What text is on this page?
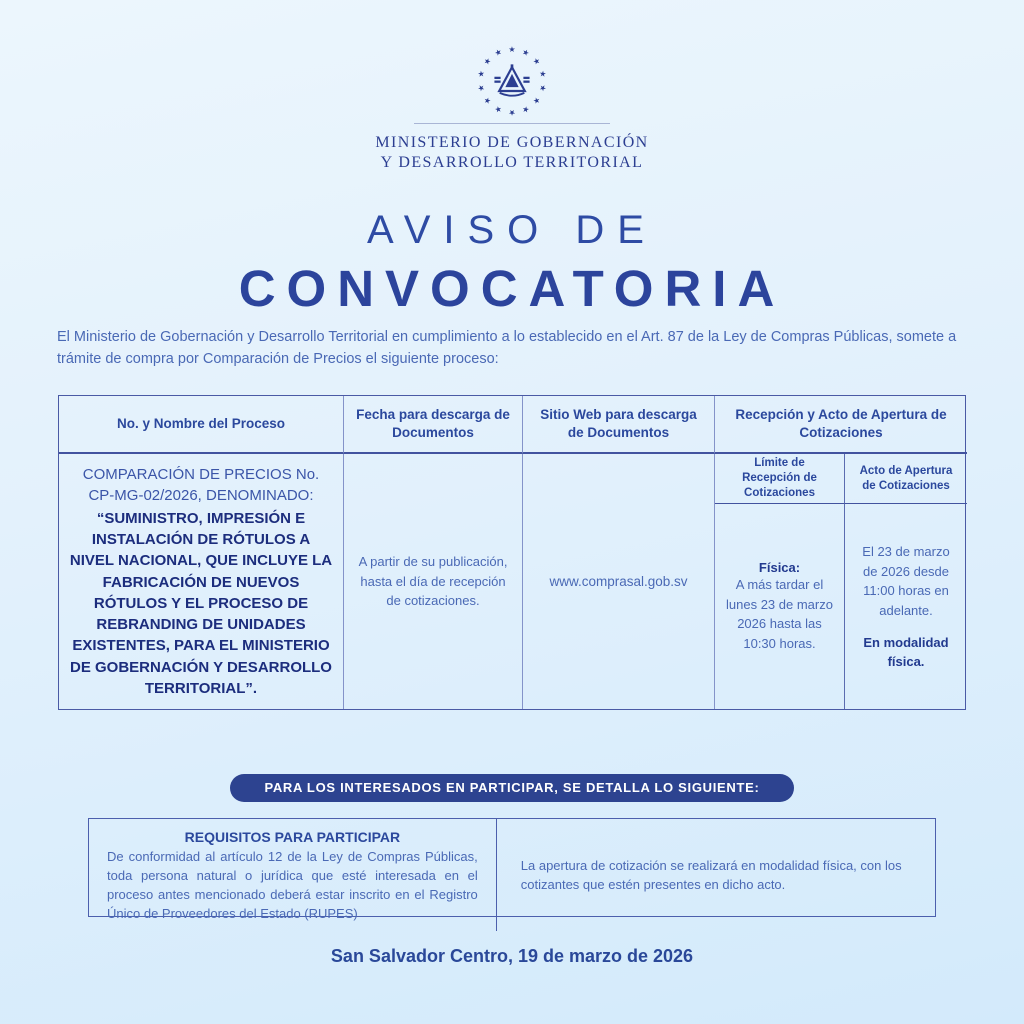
★ ★
★
★
★
★
★
★
★
★
★
★
★
★
MINISTERIO DE GOBERNACIÓN
Y DESARROLLO TERRITORIAL
AVISO DE
CONVOCATORIA

El Ministerio de Gobernación y Desarrollo Territorial en cumplimiento a lo establecido en el Art. 87 de la Ley de Compras Públicas, somete a trámite de compra por Comparación de Precios el siguiente proceso:

No. y Nombre del Proceso
Fecha para descarga de Documentos
Sitio Web para descarga de Documentos
Recepción y Acto de Apertura de Cotizaciones
Límite de Recepción de Cotizaciones
Acto de Apertura de Cotizaciones
COMPARACIÓN DE PRECIOS No. CP-MG-02/2026, DENOMINADO:
“SUMINISTRO, IMPRESIÓN E INSTALACIÓN DE RÓTULOS A NIVEL NACIONAL, QUE INCLUYE LA FABRICACIÓN DE NUEVOS RÓTULOS Y EL PROCESO DE REBRANDING DE UNIDADES EXISTENTES, PARA EL MINISTERIO DE GOBERNACIÓN Y DESARROLLO TERRITORIAL”.
A partir de su publicación, hasta el día de recepción de cotizaciones.
www.comprasal.gob.sv
Física:
A más tardar el lunes 23 de marzo 2026 hasta las 10:30 horas.
El 23 de marzo de 2026 desde 11:00 horas en adelante.
En modalidad física.
PARA LOS INTERESADOS EN PARTICIPAR, SE DETALLA LO SIGUIENTE:
REQUISITOS PARA PARTICIPAR
De conformidad al artículo 12 de la Ley de Compras Públicas, toda persona natural o jurídica que esté interesada en el proceso antes mencionado deberá estar inscrito en el Registro Único de Proveedores del Estado (RUPES)
La apertura de cotización se realizará en modalidad física, con los cotizantes que estén presentes en dicho acto.
San Salvador Centro, 19 de marzo de 2026
